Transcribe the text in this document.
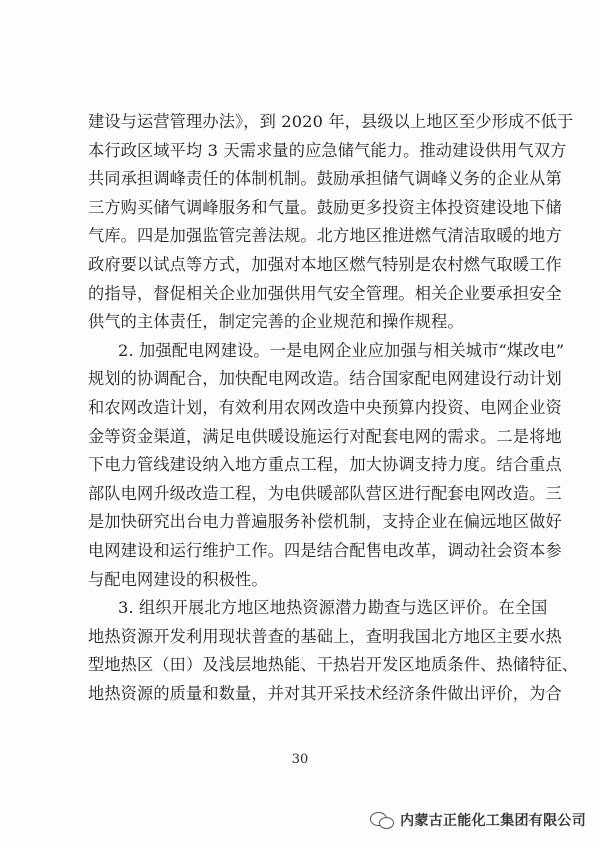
建设与运营管理办法》，到 2020 年，县级以上地区至少形成不低于
本行政区域平均 3 天需求量的应急储气能力。推动建设供用气双方
共同承担调峰责任的体制机制。鼓励承担储气调峰义务的企业从第
三方购买储气调峰服务和气量。鼓励更多投资主体投资建设地下储
气库。四是加强监管完善法规。北方地区推进燃气清洁取暖的地方
政府要以试点等方式，加强对本地区燃气特别是农村燃气取暖工作
的指导，督促相关企业加强供用气安全管理。相关企业要承担安全
供气的主体责任，制定完善的企业规范和操作规程。
2. 加强配电网建设。一是电网企业应加强与相关城市“煤改电”
规划的协调配合，加快配电网改造。结合国家配电网建设行动计划
和农网改造计划，有效利用农网改造中央预算内投资、电网企业资
金等资金渠道，满足电供暖设施运行对配套电网的需求。二是将地
下电力管线建设纳入地方重点工程，加大协调支持力度。结合重点
部队电网升级改造工程，为电供暖部队营区进行配套电网改造。三
是加快研究出台电力普遍服务补偿机制，支持企业在偏远地区做好
电网建设和运行维护工作。四是结合配售电改革，调动社会资本参
与配电网建设的积极性。
3. 组织开展北方地区地热资源潜力勘查与选区评价。在全国
地热资源开发利用现状普查的基础上，查明我国北方地区主要水热
型地热区（田）及浅层地热能、干热岩开发区地质条件、热储特征、
地热资源的质量和数量，并对其开采技术经济条件做出评价，为合
30
内蒙古正能化工集团有限公司
